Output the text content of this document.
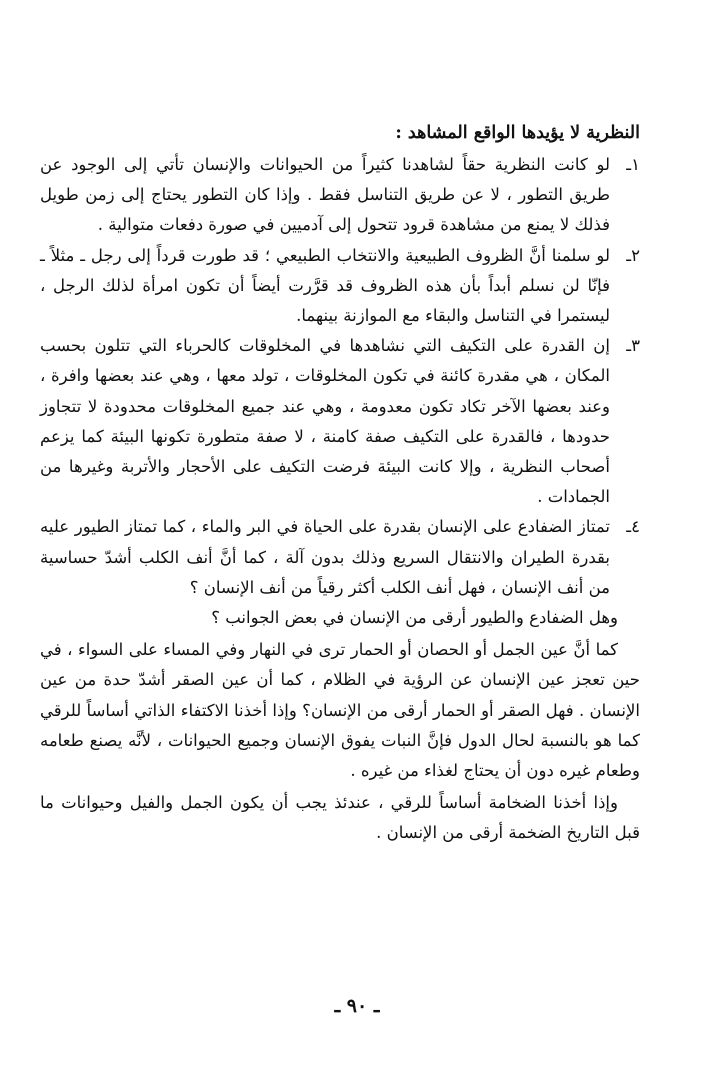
النظرية لا يؤيدها الواقع المشاهد :
١ـ
لو كانت النظرية حقاً لشاهدنا كثيراً من الحيوانات والإنسان تأتي إلى الوجود عن طريق التطور ، لا عن طريق التناسل فقط . وإذا كان التطور يحتاج إلى زمن طويل فذلك لا يمنع من مشاهدة قرود تتحول إلى آدميين في صورة دفعات متوالية .
٢ـ
لو سلمنا أنَّ الظروف الطبيعية والانتخاب الطبيعي ؛ قد طورت قرداً إلى رجل ـ مثلاً ـ فإنّا لن نسلم أبداً بأن هذه الظروف قد قرَّرت أيضاً أن تكون امرأة لذلك الرجل ، ليستمرا في التناسل والبقاء مع الموازنة بينهما.
٣ـ
إن القدرة على التكيف التي نشاهدها في المخلوقات كالحرباء التي تتلون بحسب المكان ، هي مقدرة كائنة في تكون المخلوقات ، تولد معها ، وهي عند بعضها وافرة ، وعند بعضها الآخر تكاد تكون معدومة ، وهي عند جميع المخلوقات محدودة لا تتجاوز حدودها ، فالقدرة على التكيف صفة كامنة ، لا صفة متطورة تكونها البيئة كما يزعم أصحاب النظرية ، وإلا كانت البيئة فرضت التكيف على الأحجار والأتربة وغيرها من الجمادات .
٤ـ
تمتاز الضفادع على الإنسان بقدرة على الحياة في البر والماء ، كما تمتاز الطيور عليه بقدرة الطيران والانتقال السريع وذلك بدون آلة ، كما أنَّ أنف الكلب أشدّ حساسية من أنف الإنسان ، فهل أنف الكلب أكثر رقياً من أنف الإنسان ؟
وهل الضفادع والطيور أرقى من الإنسان في بعض الجوانب ؟
كما أنَّ عين الجمل أو الحصان أو الحمار ترى في النهار وفي المساء على السواء ، في حين تعجز عين الإنسان عن الرؤية في الظلام ، كما أن عين الصقر أشدّ حدة من عين الإنسان . فهل الصقر أو الحمار أرقى من الإنسان؟ وإذا أخذنا الاكتفاء الذاتي أساساً للرقي كما هو بالنسبة لحال الدول فإنَّ النبات يفوق الإنسان وجميع الحيوانات ، لأنَّه يصنع طعامه وطعام غيره دون أن يحتاج لغذاء من غيره .
وإذا أخذنا الضخامة أساساً للرقي ، عندئذ يجب أن يكون الجمل والفيل وحيوانات ما قبل التاريخ الضخمة أرقى من الإنسان .
ـ ٩٠ ـ
